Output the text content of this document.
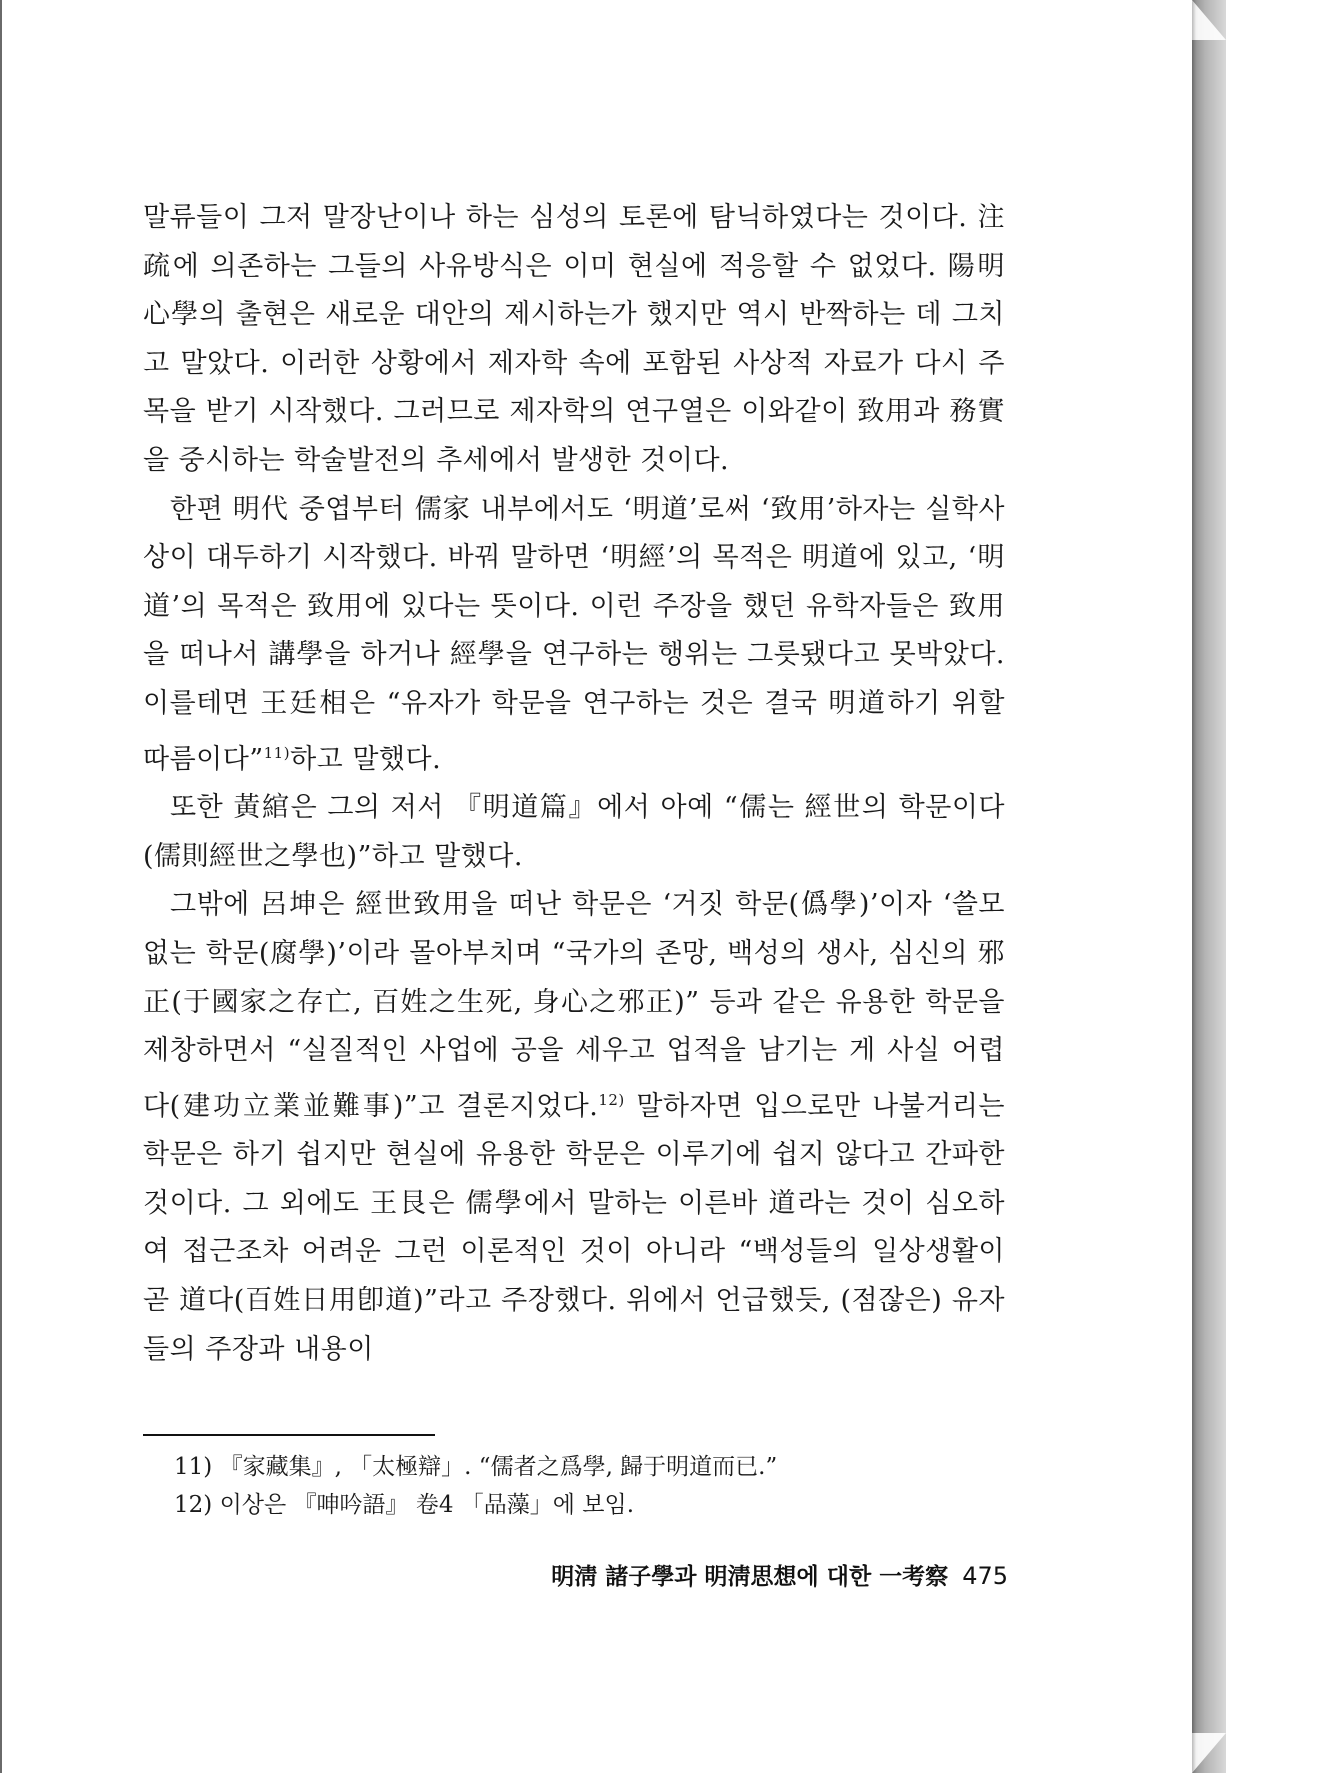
말류들이 그저 말장난이나 하는 심성의 토론에 탐닉하였다는 것이다. 注疏에 의존하는 그들의 사유방식은 이미 현실에 적응할 수 없었다. 陽明心學의 출현은 새로운 대안의 제시하는가 했지만 역시 반짝하는 데 그치고 말았다. 이러한 상황에서 제자학 속에 포함된 사상적 자료가 다시 주목을 받기 시작했다. 그러므로 제자학의 연구열은 이와같이 致用과 務實을 중시하는 학술발전의 추세에서 발생한 것이다.

한편 明代 중엽부터 儒家 내부에서도 ‘明道’로써 ‘致用’하자는 실학사상이 대두하기 시작했다. 바꿔 말하면 ‘明經’의 목적은 明道에 있고, ‘明道’의 목적은 致用에 있다는 뜻이다. 이런 주장을 했던 유학자들은 致用을 떠나서 講學을 하거나 經學을 연구하는 행위는 그릇됐다고 못박았다. 이를테면 王廷相은 “유자가 학문을 연구하는 것은 결국 明道하기 위할 따름이다”$^{11)}$하고 말했다.

또한 黃綰은 그의 저서 『明道篇』에서 아예 “儒는 經世의 학문이다(儒則經世之學也)”하고 말했다.

그밖에 呂坤은 經世致用을 떠난 학문은 ‘거짓 학문(僞學)’이자 ‘쓸모없는 학문(腐學)’이라 몰아부치며 “국가의 존망, 백성의 생사, 심신의 邪正(于國家之存亡, 百姓之生死, 身心之邪正)” 등과 같은 유용한 학문을 제창하면서 “실질적인 사업에 공을 세우고 업적을 남기는 게 사실 어렵다(建功立業並難事)”고 결론지었다.$^{12)}$ 말하자면 입으로만 나불거리는 학문은 하기 쉽지만 현실에 유용한 학문은 이루기에 쉽지 않다고 간파한 것이다. 그 외에도 王艮은 儒學에서 말하는 이른바 道라는 것이 심오하여 접근조차 어려운 그런 이론적인 것이 아니라 “백성들의 일상생활이 곧 道다(百姓日用卽道)”라고 주장했다. 위에서 언급했듯, (점잖은) 유자들의 주장과 내용이

11) 『家藏集』, 「太極辯」. “儒者之爲學, 歸于明道而已.”
12) 이상은 『呻吟語』 卷4 「品藻」에 보임.
明淸 諸子學과 明淸思想에 대한 一考察 475
